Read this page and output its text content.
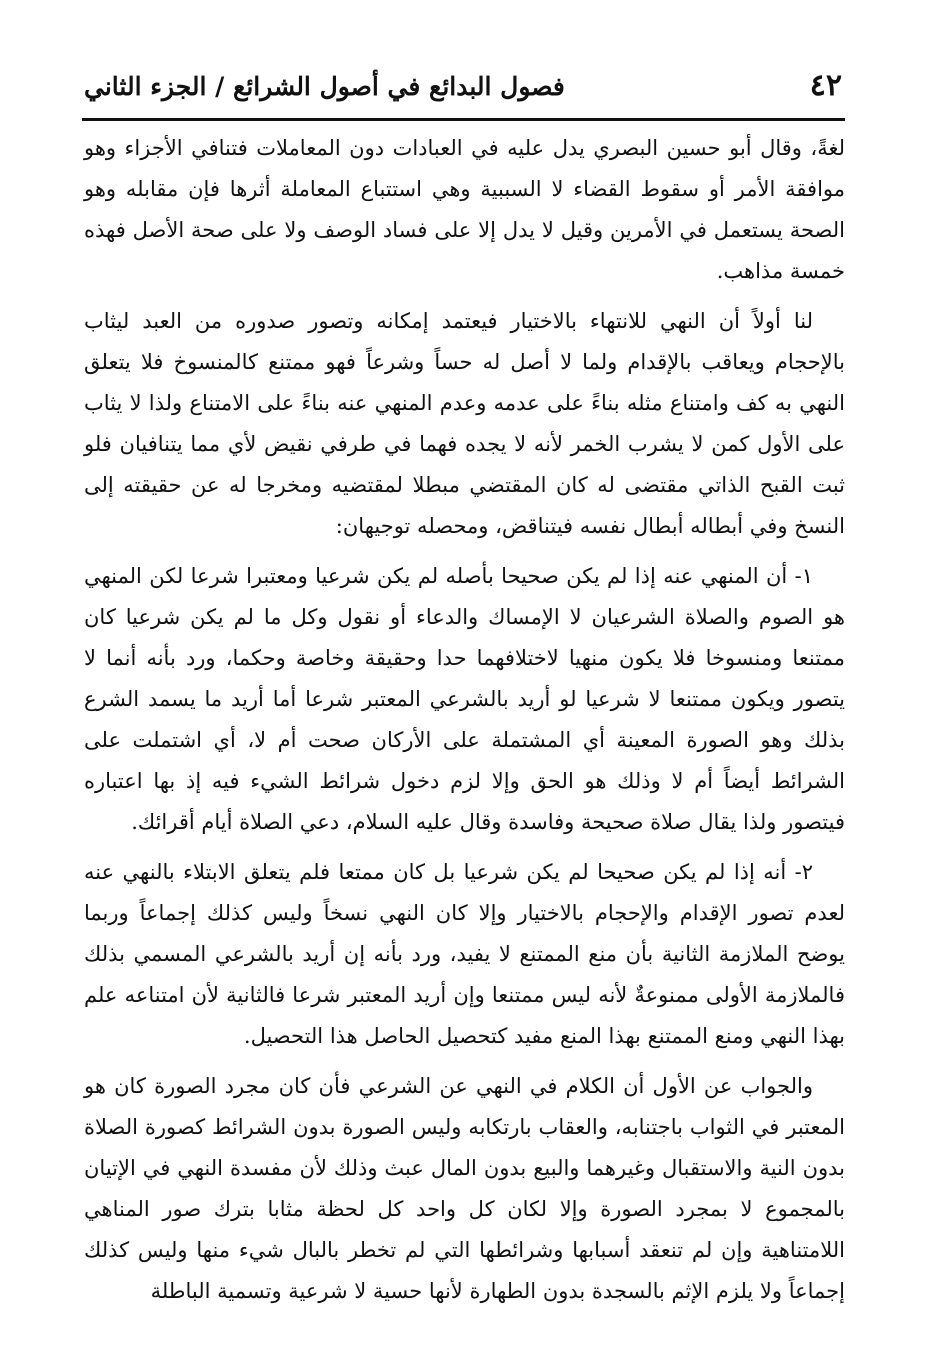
٤٢
فصول البدائع في أصول الشرائع / الجزء الثاني

لغةً، وقال أبو حسين البصري يدل عليه في العبادات دون المعاملات فتنافي الأجزاء وهو موافقة الأمر أو سقوط القضاء لا السببية وهي استتباع المعاملة أثرها فإن مقابله وهو الصحة يستعمل في الأمرين وقيل لا يدل إلا على فساد الوصف ولا على صحة الأصل فهذه خمسة مذاهب.

لنا أولاً أن النهي للانتهاء بالاختيار فيعتمد إمكانه وتصور صدوره من العبد ليثاب بالإحجام ويعاقب بالإقدام ولما لا أصل له حساً وشرعاً فهو ممتنع كالمنسوخ فلا يتعلق النهي به كف وامتناع مثله بناءً على عدمه وعدم المنهي عنه بناءً على الامتناع ولذا لا يثاب على الأول كمن لا يشرب الخمر لأنه لا يجده فهما في طرفي نقيض لأي مما يتنافيان فلو ثبت القبح الذاتي مقتضى له كان المقتضي مبطلا لمقتضيه ومخرجا له عن حقيقته إلى النسخ وفي أبطاله أبطال نفسه فيتناقض، ومحصله توجيهان:

١- أن المنهي عنه إذا لم يكن صحيحا بأصله لم يكن شرعيا ومعتبرا شرعا لكن المنهي هو الصوم والصلاة الشرعيان لا الإمساك والدعاء أو نقول وكل ما لم يكن شرعيا كان ممتنعا ومنسوخا فلا يكون منهيا لاختلافهما حدا وحقيقة وخاصة وحكما، ورد بأنه أنما لا يتصور ويكون ممتنعا لا شرعيا لو أريد بالشرعي المعتبر شرعا أما أريد ما يسمد الشرع بذلك وهو الصورة المعينة أي المشتملة على الأركان صحت أم لا، أي اشتملت على الشرائط أيضاً أم لا وذلك هو الحق وإلا لزم دخول شرائط الشيء فيه إذ بها اعتباره فيتصور ولذا يقال صلاة صحيحة وفاسدة وقال عليه السلام، دعي الصلاة أيام أقرائك.

٢- أنه إذا لم يكن صحيحا لم يكن شرعيا بل كان ممتعا فلم يتعلق الابتلاء بالنهي عنه لعدم تصور الإقدام والإحجام بالاختيار وإلا كان النهي نسخاً وليس كذلك إجماعاً وربما يوضح الملازمة الثانية بأن منع الممتنع لا يفيد، ورد بأنه إن أريد بالشرعي المسمي بذلك فالملازمة الأولى ممنوعةٌ لأنه ليس ممتنعا وإن أريد المعتبر شرعا فالثانية لأن امتناعه علم بهذا النهي ومنع الممتنع بهذا المنع مفيد كتحصيل الحاصل هذا التحصيل.

والجواب عن الأول أن الكلام في النهي عن الشرعي فأن كان مجرد الصورة كان هو المعتبر في الثواب باجتنابه، والعقاب بارتكابه وليس الصورة بدون الشرائط كصورة الصلاة بدون النية والاستقبال وغيرهما والبيع بدون المال عبث وذلك لأن مفسدة النهي في الإتيان بالمجموع لا بمجرد الصورة وإلا لكان كل واحد كل لحظة مثابا بترك صور المناهي اللامتناهية وإن لم تنعقد أسبابها وشرائطها التي لم تخطر بالبال شيء منها وليس كذلك إجماعاً ولا يلزم الإثم بالسجدة بدون الطهارة لأنها حسية لا شرعية وتسمية الباطلة
